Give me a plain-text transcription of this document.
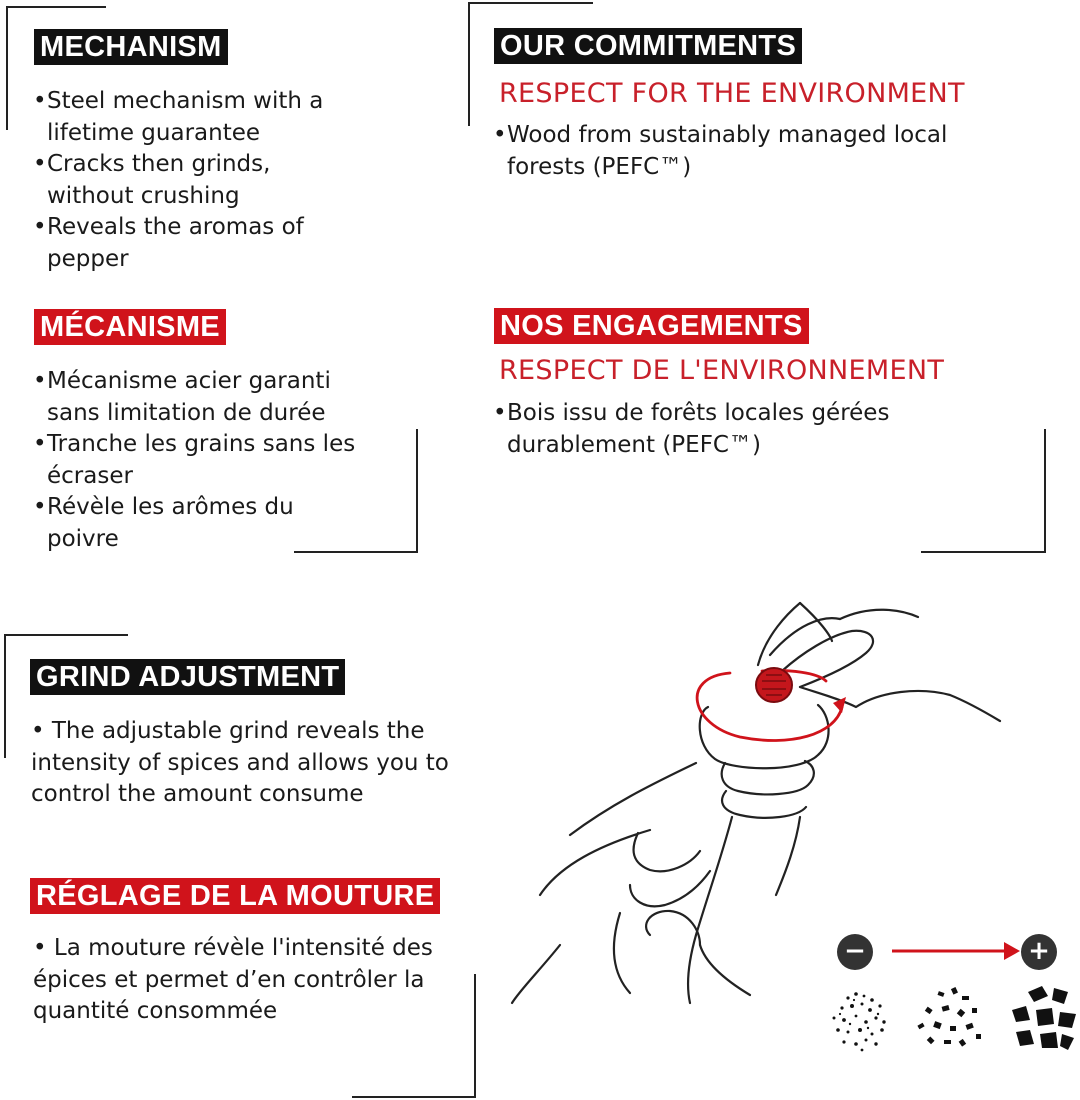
MECHANISM
• Steel mechanism with a lifetime guarantee
• Cracks then grinds, without crushing
• Reveals the aromas of pepper
OUR COMMITMENTS
RESPECT FOR THE ENVIRONMENT
• Wood from sustainably managed local forests (PEFC™)
MÉCANISME
• Mécanisme acier garanti sans limitation de durée
• Tranche les grains sans les écraser
• Révèle les arômes du poivre
NOS ENGAGEMENTS
RESPECT DE L'ENVIRONNEMENT
• Bois issu de forêts locales gérées durablement (PEFC™)
GRIND ADJUSTMENT
• The adjustable grind reveals the intensity of spices and allows you to control the amount consume
RÉGLAGE DE LA MOUTURE
• La mouture révèle l'intensité des épices et permet d’en contrôler la quantité consommée
−	+
